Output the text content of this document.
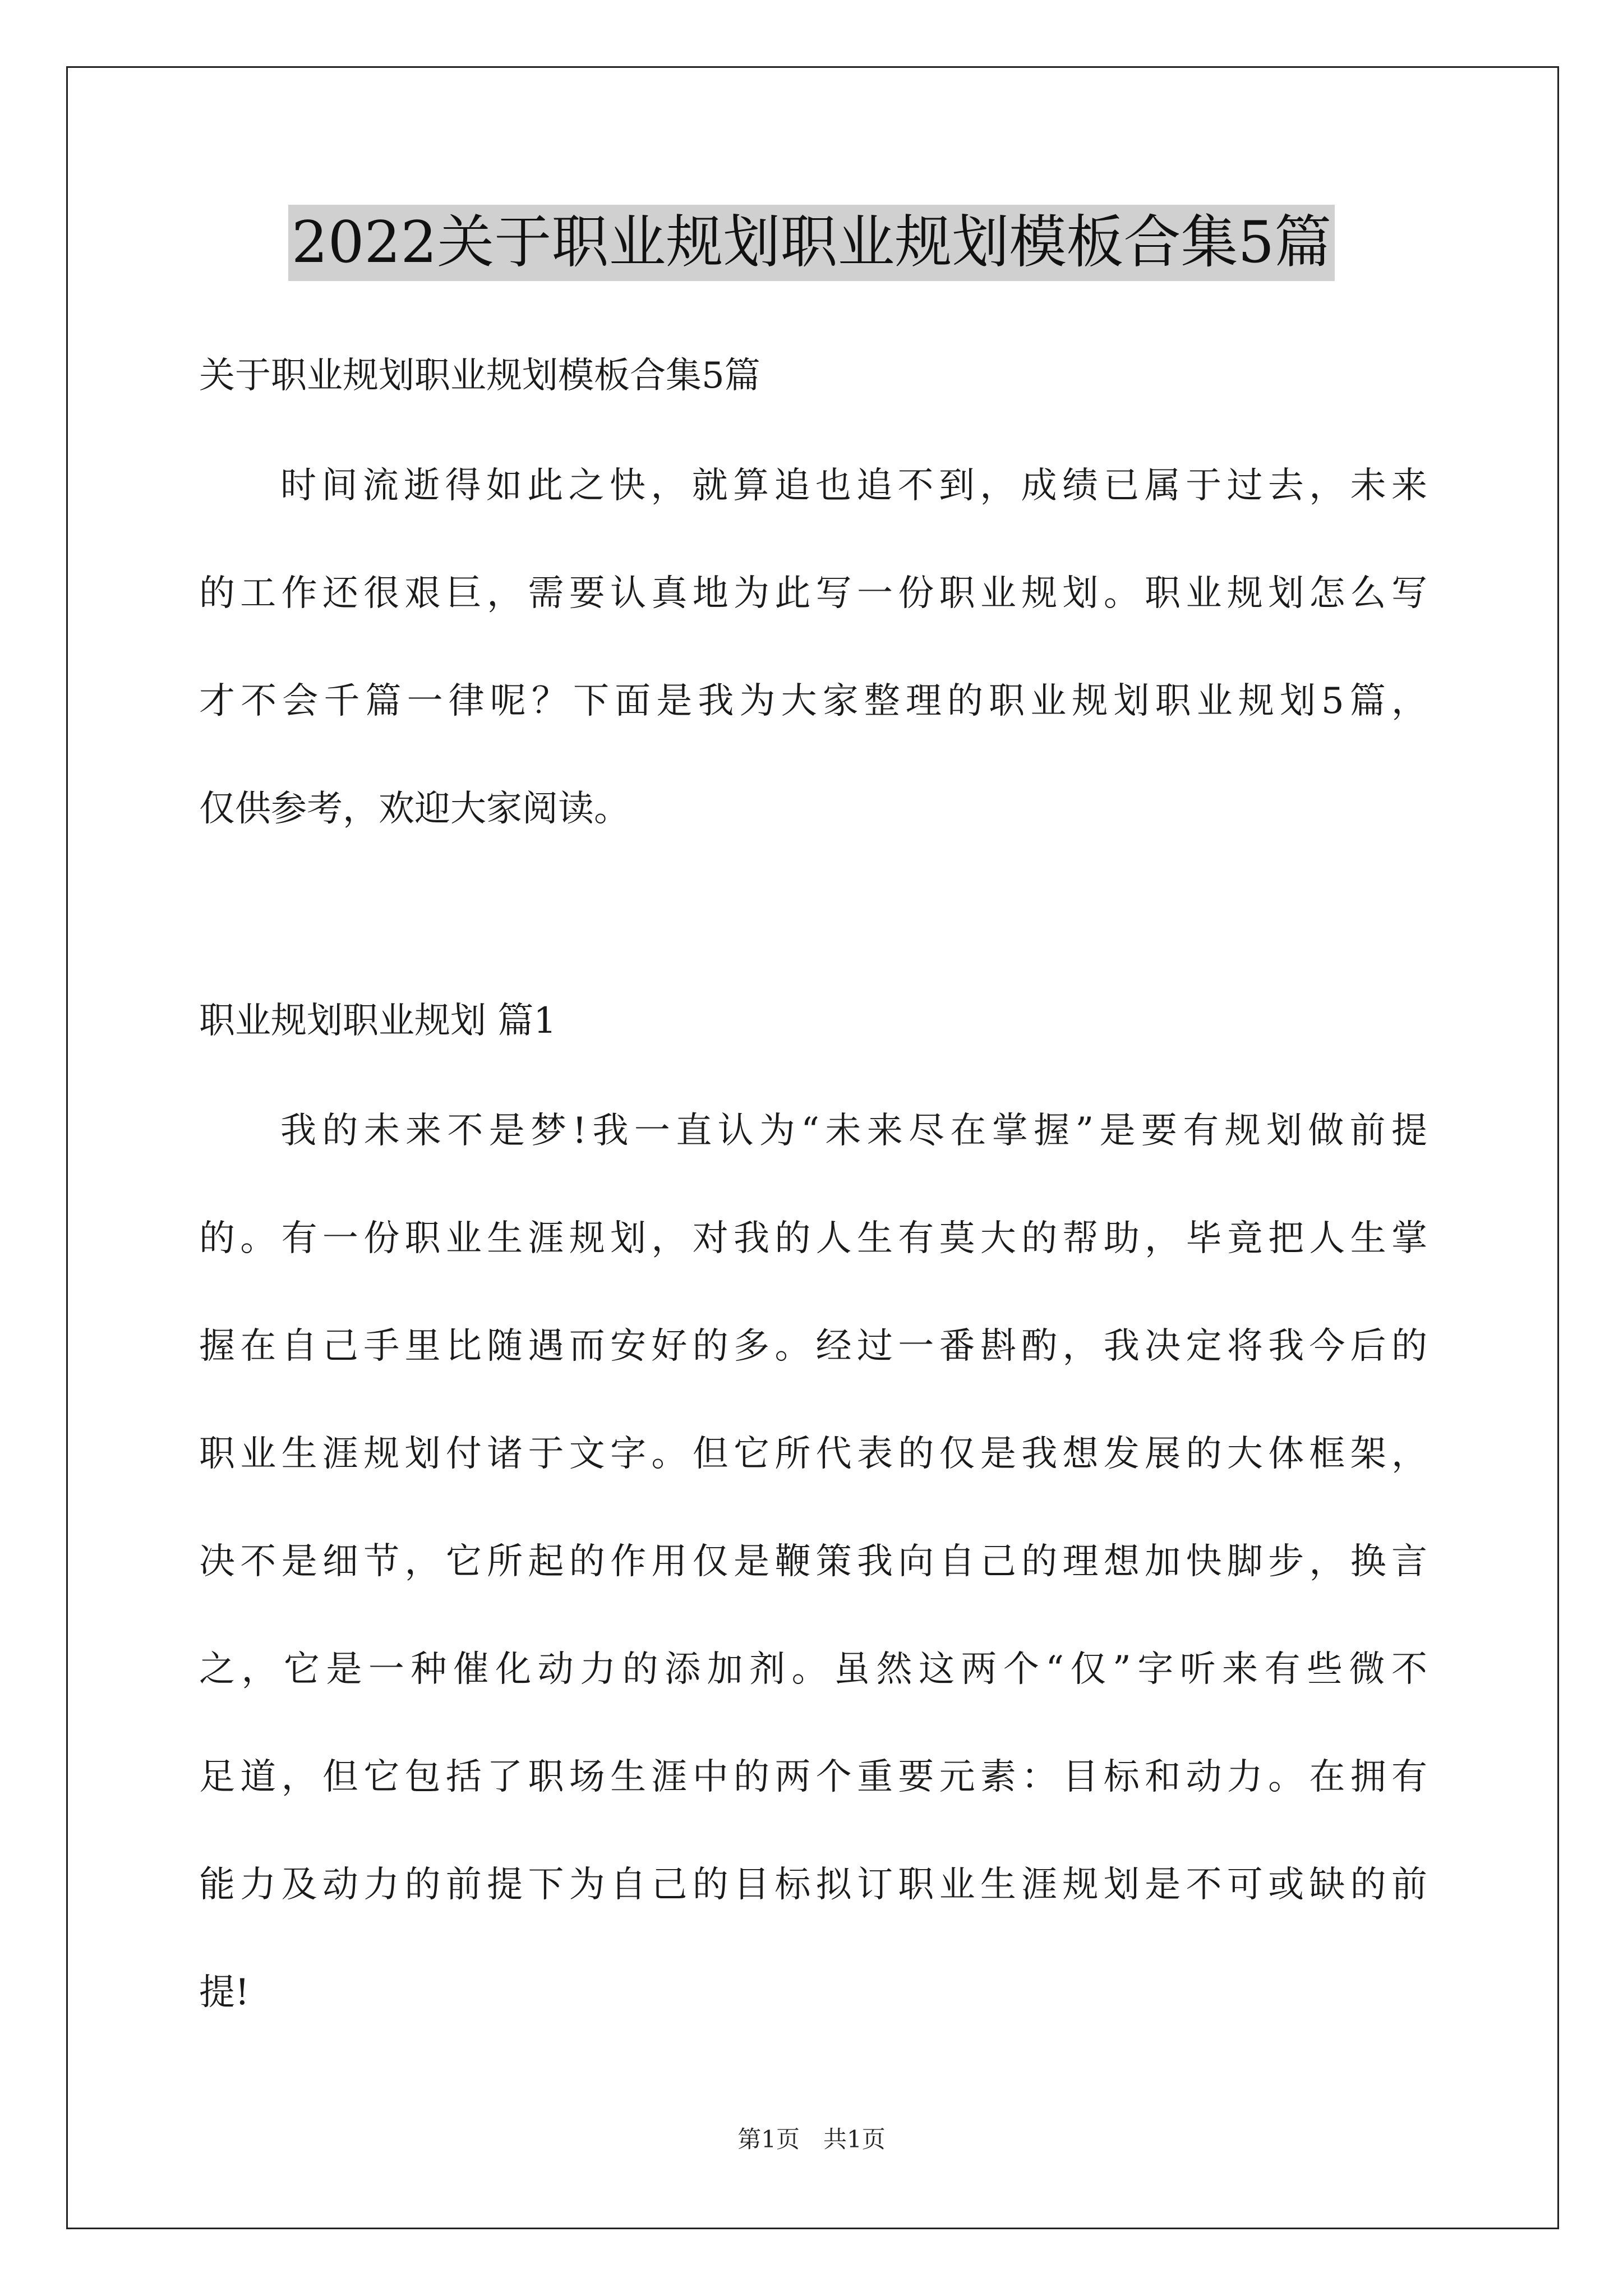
2022关于职业规划职业规划模板合集5篇
关于职业规划职业规划模板合集5篇
时间流逝得如此之快，就算追也追不到，成绩已属于过去，未来
的工作还很艰巨，需要认真地为此写一份职业规划。职业规划怎么写
才不会千篇一律呢？下面是我为大家整理的职业规划职业规划5篇，
仅供参考，欢迎大家阅读。
职业规划职业规划 篇1
我的未来不是梦!我一直认为“未来尽在掌握”是要有规划做前提
的。有一份职业生涯规划，对我的人生有莫大的帮助，毕竟把人生掌
握在自己手里比随遇而安好的多。经过一番斟酌，我决定将我今后的
职业生涯规划付诸于文字。但它所代表的仅是我想发展的大体框架，
决不是细节，它所起的作用仅是鞭策我向自己的理想加快脚步，换言
之，它是一种催化动力的添加剂。虽然这两个“仅”字听来有些微不
足道，但它包括了职场生涯中的两个重要元素：目标和动力。在拥有
能力及动力的前提下为自己的目标拟订职业生涯规划是不可或缺的前
提!
第1页　共1页
